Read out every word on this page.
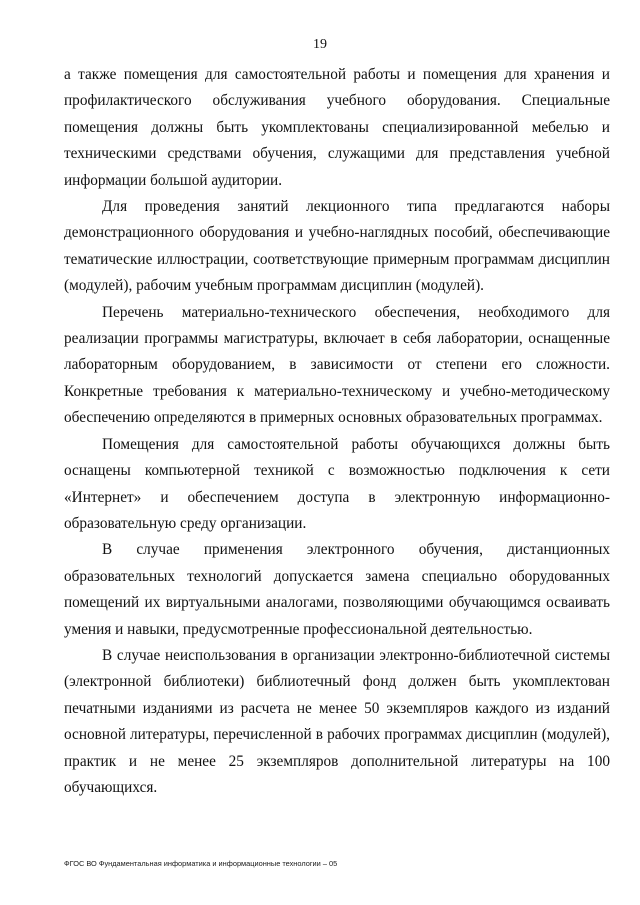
19

а также помещения для самостоятельной работы и помещения для хранения и профилактического обслуживания учебного оборудования. Специальные помещения должны быть укомплектованы специализированной мебелью и техническими средствами обучения, служащими для представления учебной информации большой аудитории.

Для проведения занятий лекционного типа предлагаются наборы демонстрационного оборудования и учебно-наглядных пособий, обеспечивающие тематические иллюстрации, соответствующие примерным программам дисциплин (модулей), рабочим учебным программам дисциплин (модулей).

Перечень материально-технического обеспечения, необходимого для реализации программы магистратуры, включает в себя лаборатории, оснащенные лабораторным оборудованием, в зависимости от степени его сложности. Конкретные требования к материально-техническому и учебно-методическому обеспечению определяются в примерных основных образовательных программах.

Помещения для самостоятельной работы обучающихся должны быть оснащены компьютерной техникой с возможностью подключения к сети «Интернет» и обеспечением доступа в электронную информационно-образовательную среду организации.

В случае применения электронного обучения, дистанционных образовательных технологий допускается замена специально оборудованных помещений их виртуальными аналогами, позволяющими обучающимся осваивать умения и навыки, предусмотренные профессиональной деятельностью.

В случае неиспользования в организации электронно-библиотечной системы (электронной библиотеки) библиотечный фонд должен быть укомплектован печатными изданиями из расчета не менее 50 экземпляров каждого из изданий основной литературы, перечисленной в рабочих программах дисциплин (модулей), практик и не менее 25 экземпляров дополнительной литературы на 100 обучающихся.

ФГОС ВО Фундаментальная информатика и информационные технологии – 05
